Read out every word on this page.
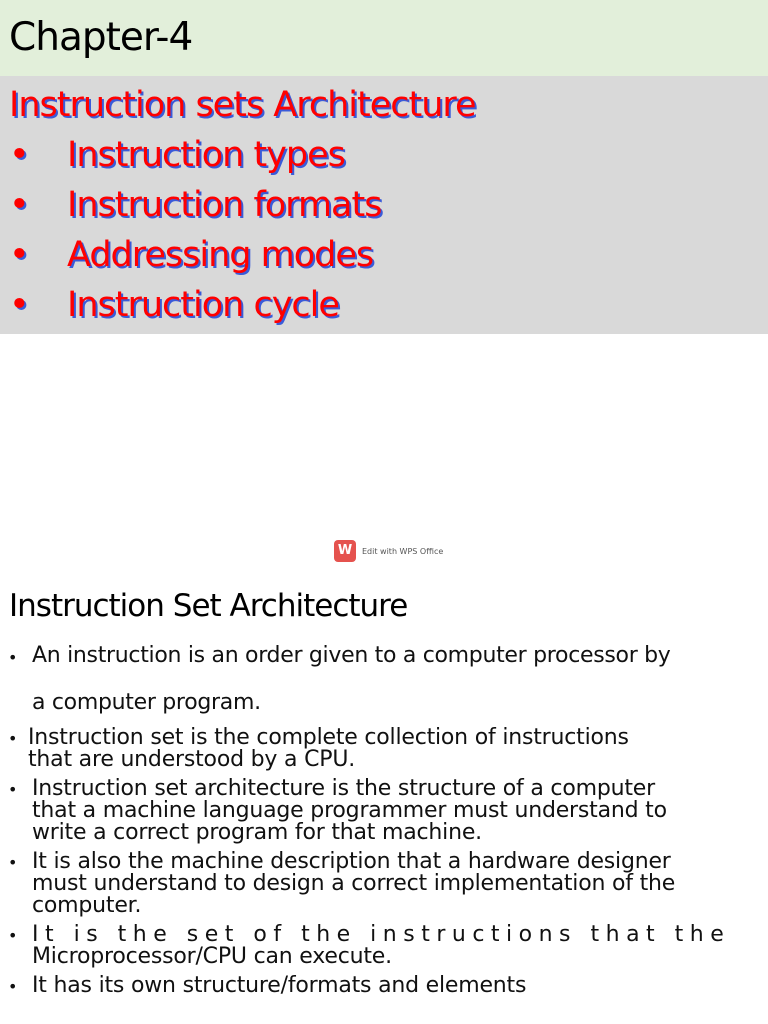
Chapter-4
Instruction sets Architecture
• Instruction types
• Instruction formats
• Addressing modes
• Instruction cycle
W	Edit with WPS Office
Instruction Set Architecture
• An instruction is an order given to a computer processor by
a computer program.
• Instruction set is the complete collection of instructions
that are understood by a CPU.
• Instruction set architecture is the structure of a computer
that a machine language programmer must understand to
write a correct program for that machine.
• It is also the machine description that a hardware designer
must understand to design a correct implementation of the
computer.
• It is the set of the instructions that the
Microprocessor/CPU can execute.
• It has its own structure/formats and elements
